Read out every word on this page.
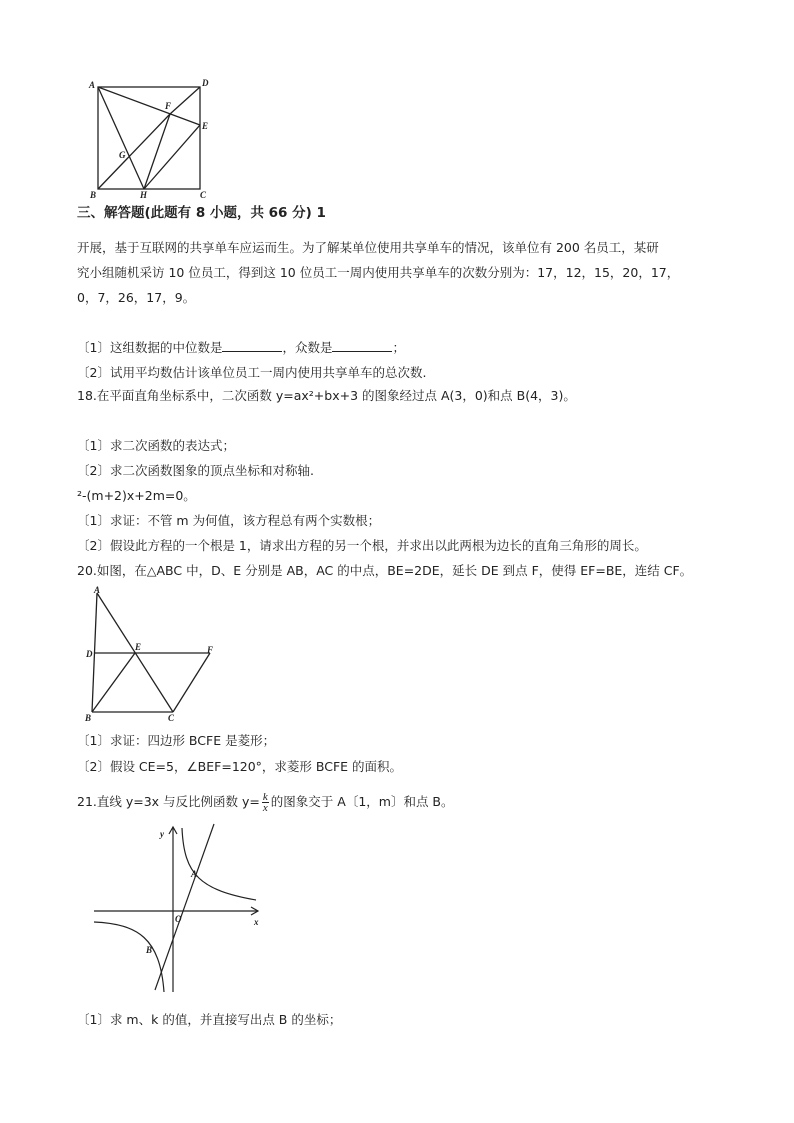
A	D
F
E
G
B	H	C
三、解答题(此题有 8 小题，共 66 分) 1
开展，基于互联网的共享单车应运而生。为了解某单位使用共享单车的情况，该单位有 200 名员工，某研
究小组随机采访 10 位员工，得到这 10 位员工一周内使用共享单车的次数分别为：17，12，15，20，17，
0，7，26，17，9。
〔1〕这组数据的中位数是	，众数是	；
〔2〕试用平均数估计该单位员工一周内使用共享单车的总次数.
18.在平面直角坐标系中，二次函数 y=ax²+bx+3 的图象经过点 A(3，0)和点 B(4，3)。
〔1〕求二次函数的表达式；
〔2〕求二次函数图象的顶点坐标和对称轴.
²-(m+2)x+2m=0。
〔1〕求证：不管 m 为何值，该方程总有两个实数根；
〔2〕假设此方程的一个根是 1，请求出方程的另一个根，并求出以此两根为边长的直角三角形的周长。
20.如图，在△ABC 中，D、E 分别是 AB，AC 的中点，BE=2DE，延长 DE 到点 F，使得 EF=BE，连结 CF。
A
D
E	F
B	C
〔1〕求证：四边形 BCFE 是菱形；
〔2〕假设 CE=5，∠BEF=120°，求菱形 BCFE 的面积。
21.直线 y=3x 与反比例函数 $y= \frac{k}{x}$ 的图象交于 A〔1，m〕和点 B。
y
A
O	x
B
〔1〕求 m、k 的值，并直接写出点 B 的坐标；
